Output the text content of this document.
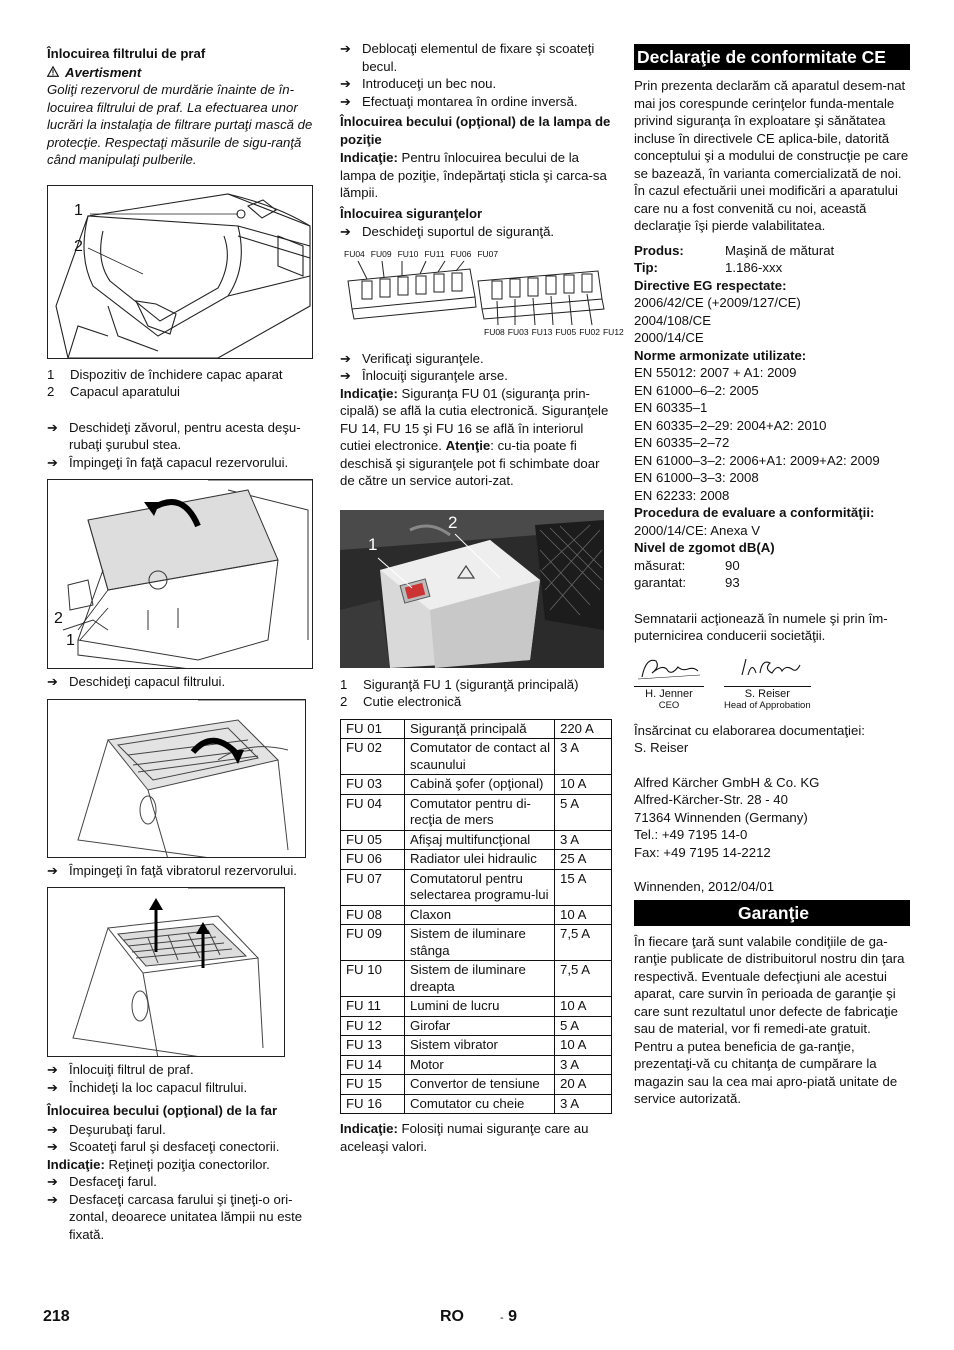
Înlocuirea filtrului de praf
Avertisment
Goliţi rezervorul de murdărie înainte de în-locuirea filtrului de praf. La efectuarea unor lucrări la instalaţia de filtrare purtaţi mască de protecţie. Respectaţi măsurile de sigu-ranţă când manipulaţi pulberile.
1
2
1	Dispozitiv de închidere capac aparat
2	Capacul aparatului
➔ Deschideţi zăvorul, pentru acesta deşu-rubaţi şurubul stea.
➔ Împingeţi în faţă capacul rezervorului.
2
1
➔ Deschideţi capacul filtrului.
➔ Împingeţi în faţă vibratorul rezervorului.
➔ Înlocuiţi filtrul de praf.
➔ Închideţi la loc capacul filtrului.
Înlocuirea becului (opţional) de la far
➔ Deşurubaţi farul.
➔ Scoateţi farul şi desfaceţi conectorii.
Indicaţie: Reţineţi poziţia conectorilor.
➔ Desfaceţi farul.
➔ Desfaceţi carcasa farului şi ţineţi-o ori-zontal, deoarece unitatea lămpii nu este fixată.
➔ Deblocaţi elementul de fixare şi scoateţi becul.
➔ Introduceţi un bec nou.
➔ Efectuaţi montarea în ordine inversă.
Înlocuirea becului (opţional) de la lampa de poziţie
Indicaţie: Pentru înlocuirea becului de la lampa de poziţie, îndepărtaţi sticla şi carca-sa lămpii.
Înlocuirea siguranţelor
➔ Deschideţi suportul de siguranţă.
FU04 FU09 FU10 FU11 FU06 FU07
FU08 FU03 FU13 FU05 FU02 FU12
➔ Verificaţi siguranţele.
➔ Înlocuiţi siguranţele arse.
Indicaţie: Siguranţa FU 01 (siguranţa prin-cipală) se află la cutia electronică. Siguranţele FU 14, FU 15 şi FU 16 se află în interiorul cutiei electronice. Atenţie: cu-tia poate fi deschisă şi siguranţele pot fi schimbate doar de către un service autori-zat.
1
2
1	Siguranţă FU 1 (siguranţă principală)
2	Cutie electronică
FU 01	Siguranţă principală	220 A
FU 02	Comutator de contact al scaunului	3 A
FU 03	Cabină şofer (opţional)	10 A
FU 04	Comutator pentru di-recţia de mers	5 A
FU 05	Afişaj multifuncţional	3 A
FU 06	Radiator ulei hidraulic	25 A
FU 07	Comutatorul pentru selectarea programu-lui	15 A
FU 08	Claxon	10 A
FU 09	Sistem de iluminare stânga	7,5 A
FU 10	Sistem de iluminare dreapta	7,5 A
FU 11	Lumini de lucru	10 A
FU 12	Girofar	5 A
FU 13	Sistem vibrator	10 A
FU 14	Motor	3 A
FU 15	Convertor de tensiune	20 A
FU 16	Comutator cu cheie	3 A
Indicaţie: Folosiţi numai siguranţe care au aceleaşi valori.
Declaraţie de conformitate CE
Prin prezenta declarăm că aparatul desem-nat mai jos corespunde cerinţelor funda-mentale privind siguranţa în exploatare şi sănătatea incluse în directivele CE aplica-bile, datorită conceptului şi a modului de construcţie pe care se bazează, în varianta comercializată de noi. În cazul efectuării unei modificări a aparatului care nu a fost convenită cu noi, această declaraţie îşi pierde valabilitatea.
Produs:	Maşină de măturat
Tip:	1.186-xxx
Directive EG respectate:
2006/42/CE (+2009/127/CE)
2004/108/CE
2000/14/CE
Norme armonizate utilizate:
EN 55012: 2007 + A1: 2009
EN 61000–6–2: 2005
EN 60335–1
EN 60335–2–29: 2004+A2: 2010
EN 60335–2–72
EN 61000–3–2: 2006+A1: 2009+A2: 2009
EN 61000–3–3: 2008
EN 62233: 2008
Procedura de evaluare a conformităţii:
2000/14/CE: Anexa V
Nivel de zgomot dB(A)
măsurat:	90
garantat:	93
Semnatarii acţionează în numele şi prin îm-puternicirea conducerii societăţii.
H. Jenner
CEO
S. Reiser
Head of Approbation
Însărcinat cu elaborarea documentaţiei:
S. Reiser
Alfred Kärcher GmbH & Co. KG
Alfred-Kärcher-Str. 28 - 40
71364 Winnenden (Germany)
Tel.: +49 7195 14-0
Fax: +49 7195 14-2212
Winnenden, 2012/04/01
Garanţie
În fiecare ţară sunt valabile condiţiile de ga-ranţie publicate de distribuitorul nostru din ţara respectivă. Eventuale defecţiuni ale acestui aparat, care survin în perioada de garanţie şi care sunt rezultatul unor defecte de fabricaţie sau de material, vor fi remedi-ate gratuit. Pentru a putea beneficia de ga-ranţie, prezentaţi-vă cu chitanţa de cumpărare la magazin sau la cea mai apro-piată unitate de service autorizată.
218	RO	- 9
